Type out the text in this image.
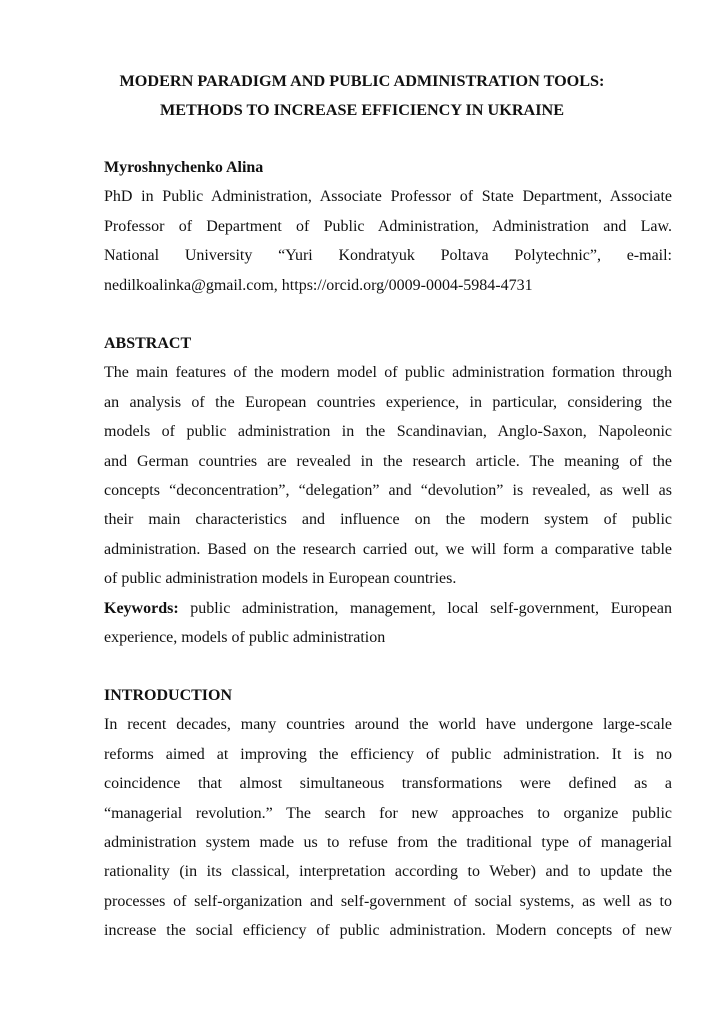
MODERN PARADIGM AND PUBLIC ADMINISTRATION TOOLS:
METHODS TO INCREASE EFFICIENCY IN UKRAINE
Myroshnychenko Alina
PhD in Public Administration, Associate Professor of State Department, Associate
Professor of Department of Public Administration, Administration and Law.
National University “Yuri Kondratyuk Poltava Polytechnic”, e-mail:
nedilkoalinka@gmail.com, https://orcid.org/0009-0004-5984-4731
ABSTRACT
The main features of the modern model of public administration formation through
an analysis of the European countries experience, in particular, considering the
models of public administration in the Scandinavian, Anglo-Saxon, Napoleonic
and German countries are revealed in the research article. The meaning of the
concepts “deconcentration”, “delegation” and “devolution” is revealed, as well as
their main characteristics and influence on the modern system of public
administration. Based on the research carried out, we will form a comparative table
of public administration models in European countries.
Keywords: public administration, management, local self-government, European
experience, models of public administration
INTRODUCTION
In recent decades, many countries around the world have undergone large-scale
reforms aimed at improving the efficiency of public administration. It is no
coincidence that almost simultaneous transformations were defined as a
“managerial revolution.” The search for new approaches to organize public
administration system made us to refuse from the traditional type of managerial
rationality (in its classical, interpretation according to Weber) and to update the
processes of self-organization and self-government of social systems, as well as to
increase the social efficiency of public administration. Modern concepts of new
